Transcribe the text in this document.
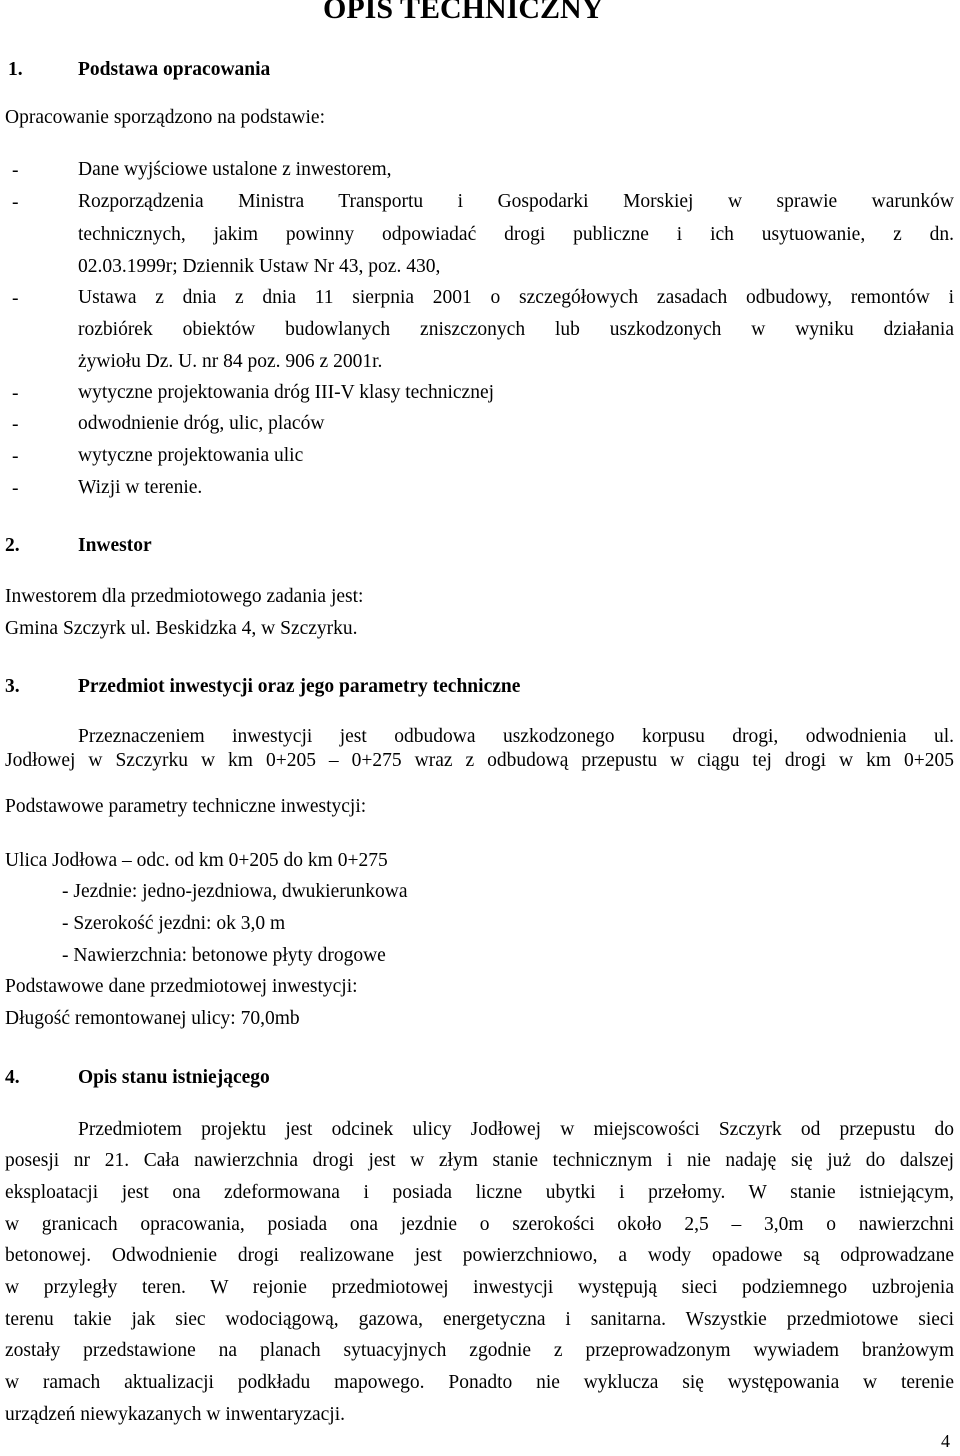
OPIS TECHNICZNY
1.	Podstawa opracowania
Opracowanie sporządzono na podstawie:
-	Dane wyjściowe ustalone z inwestorem,
-	Rozporządzenia Ministra Transportu i Gospodarki Morskiej w sprawie warunków
technicznych, jakim powinny odpowiadać drogi publiczne i ich usytuowanie, z dn.
02.03.1999r; Dziennik Ustaw Nr 43, poz. 430,
-	Ustawa z dnia z dnia 11 sierpnia 2001 o szczegółowych zasadach odbudowy, remontów i
rozbiórek obiektów budowlanych zniszczonych lub uszkodzonych w wyniku działania
żywiołu Dz. U. nr 84 poz. 906 z 2001r.
-	wytyczne projektowania dróg III-V klasy technicznej
-	odwodnienie dróg, ulic, placów
-	wytyczne projektowania ulic
-	Wizji w terenie.
2.	Inwestor
Inwestorem dla przedmiotowego zadania jest:
Gmina Szczyrk ul. Beskidzka 4, w Szczyrku.
3.	Przedmiot inwestycji oraz jego parametry techniczne
Przeznaczeniem inwestycji jest odbudowa uszkodzonego korpusu drogi, odwodnienia ul.
Jodłowej w Szczyrku w km 0+205 – 0+275 wraz z odbudową przepustu w ciągu tej drogi w km 0+205
Podstawowe parametry techniczne inwestycji:
Ulica Jodłowa – odc. od km 0+205 do km 0+275
- Jezdnie: jedno-jezdniowa, dwukierunkowa
- Szerokość jezdni: ok 3,0 m
- Nawierzchnia: betonowe płyty drogowe
Podstawowe dane przedmiotowej inwestycji:
Długość remontowanej ulicy: 70,0mb
4.	Opis stanu istniejącego
Przedmiotem projektu jest odcinek ulicy Jodłowej w miejscowości Szczyrk od przepustu do
posesji nr 21. Cała nawierzchnia drogi jest w złym stanie technicznym i nie nadaję się już do dalszej
eksploatacji jest ona zdeformowana i posiada liczne ubytki i przełomy. W stanie istniejącym,
w granicach opracowania, posiada ona jezdnie o szerokości około 2,5 – 3,0m o nawierzchni
betonowej. Odwodnienie drogi realizowane jest powierzchniowo, a wody opadowe są odprowadzane
w przyległy teren. W rejonie przedmiotowej inwestycji występują sieci podziemnego uzbrojenia
terenu takie jak siec wodociągową, gazowa, energetyczna i sanitarna. Wszystkie przedmiotowe sieci
zostały przedstawione na planach sytuacyjnych zgodnie z przeprowadzonym wywiadem branżowym
w ramach aktualizacji podkładu mapowego. Ponadto nie wyklucza się występowania w terenie
urządzeń niewykazanych w inwentaryzacji.
4
